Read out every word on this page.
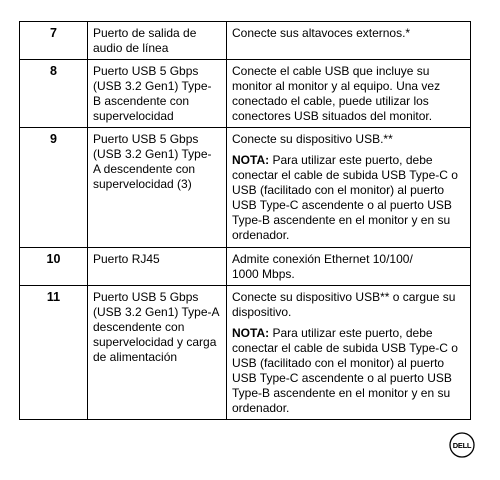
7	Puerto de salida de audio de línea	Conecte sus altavoces externos.*

8	Puerto USB 5 Gbps (USB 3.2 Gen1) Type-B ascendente con supervelocidad	Conecte el cable USB que incluye su monitor al monitor y al equipo. Una vez conectado el cable, puede utilizar los conectores USB situados del monitor.

9	Puerto USB 5 Gbps (USB 3.2 Gen1) Type-A descendente con supervelocidad (3)	Conecte su dispositivo USB.**
NOTA: Para utilizar este puerto, debe conectar el cable de subida USB Type-C o USB (facilitado con el monitor) al puerto USB Type-C ascendente o al puerto USB Type-B ascendente en el monitor y en su ordenador.

10	Puerto RJ45	Admite conexión Ethernet 10/100/ 1000 Mbps.

11	Puerto USB 5 Gbps (USB 3.2 Gen1) Type-A descendente con supervelocidad y carga de alimentación	Conecte su dispositivo USB** o cargue su dispositivo.
NOTA: Para utilizar este puerto, debe conectar el cable de subida USB Type-C o USB (facilitado con el monitor) al puerto USB Type-C ascendente o al puerto USB Type-B ascendente en el monitor y en su ordenador.
DELL
